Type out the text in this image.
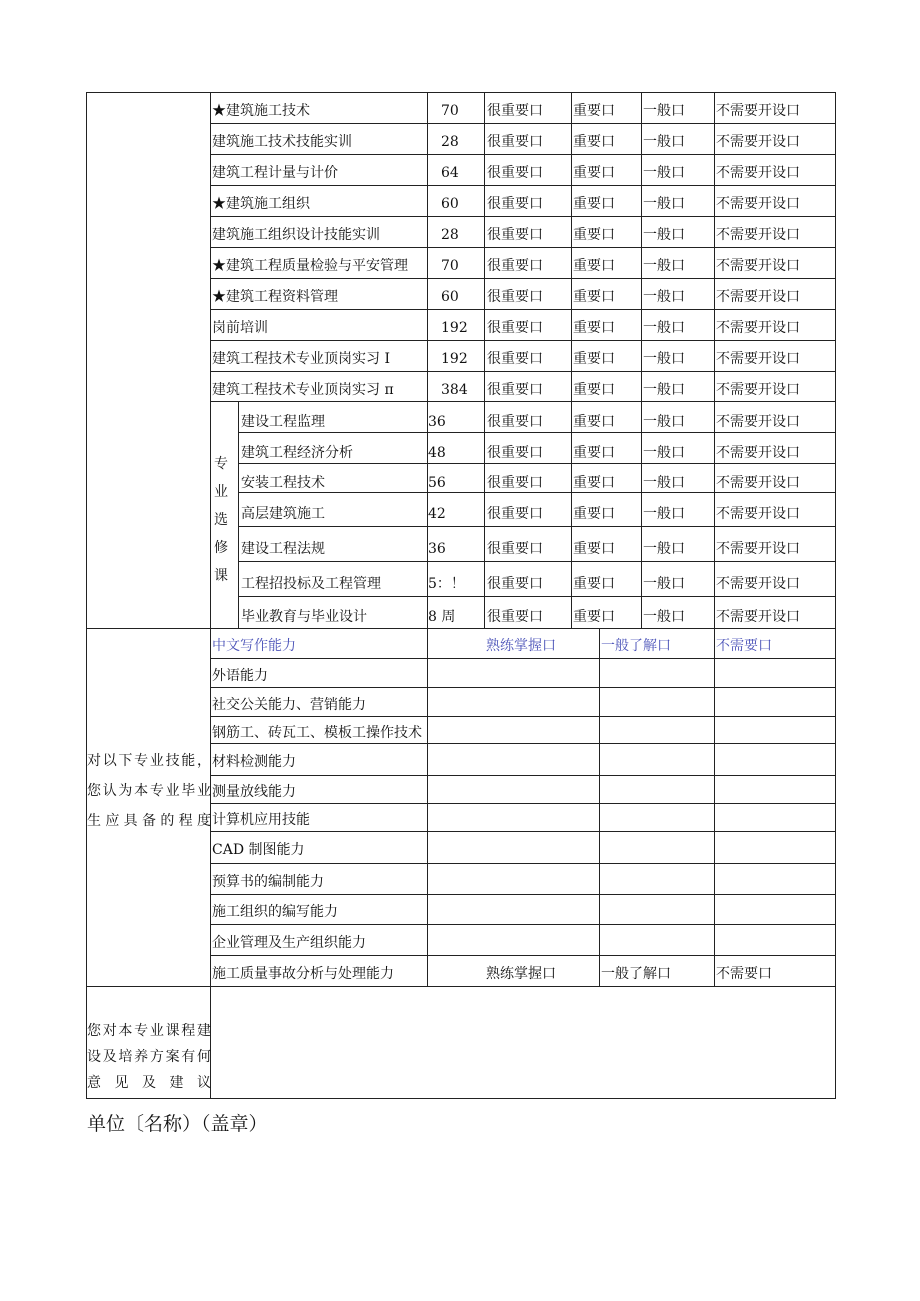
★建筑施工技术	70 很重要口 重要口 一般口 不需要开设口
建筑施工技术技能实训	28 很重要口 重要口 一般口 不需要开设口
建筑工程计量与计价	64 很重要口 重要口 一般口 不需要开设口
★建筑施工组织	60 很重要口 重要口 一般口 不需要开设口
建筑施工组织设计技能实训	28 很重要口 重要口 一般口 不需要开设口
★建筑工程质量检验与平安管理 70 很重要口 重要口 一般口 不需要开设口
★建筑工程资料管理	60 很重要口 重要口 一般口 不需要开设口
岗前培训	192 很重要口 重要口 一般口 不需要开设口
建筑工程技术专业顶岗实习 I	192 很重要口 重要口 一般口 不需要开设口
建筑工程技术专业顶岗实习 π	384 很重要口 重要口 一般口 不需要开设口
建设工程监理	36	很重要口 重要口 一般口 不需要开设口
建筑工程经济分析	48	很重要口 重要口 一般口 不需要开设口
安装工程技术	56	很重要口 重要口 一般口 不需要开设口
高层建筑施工	42	很重要口 重要口 一般口 不需要开设口
建设工程法规	36	很重要口 重要口 一般口 不需要开设口
工程招投标及工程管理	5：！ 很重要口 重要口 一般口 不需要开设口
毕业教育与毕业设计	8 周 很重要口 重要口 一般口 不需要开设口
专
业
选
修
课
中文写作能力	熟练掌握口	一般了解口	不需要口
外语能力
社交公关能力、营销能力
钢筋工、砖瓦工、模板工操作技术
材料检测能力
测量放线能力
计算机应用技能
CAD 制图能力
预算书的编制能力
施工组织的编写能力
企业管理及生产组织能力
施工质量事故分析与处理能力	熟练掌握口	一般了解口	不需要口
对以下专业技能，您认为本专业毕业生应具备的程度
您对本专业课程建设及培养方案有何意见及建议
单位〔名称）（盖章）
